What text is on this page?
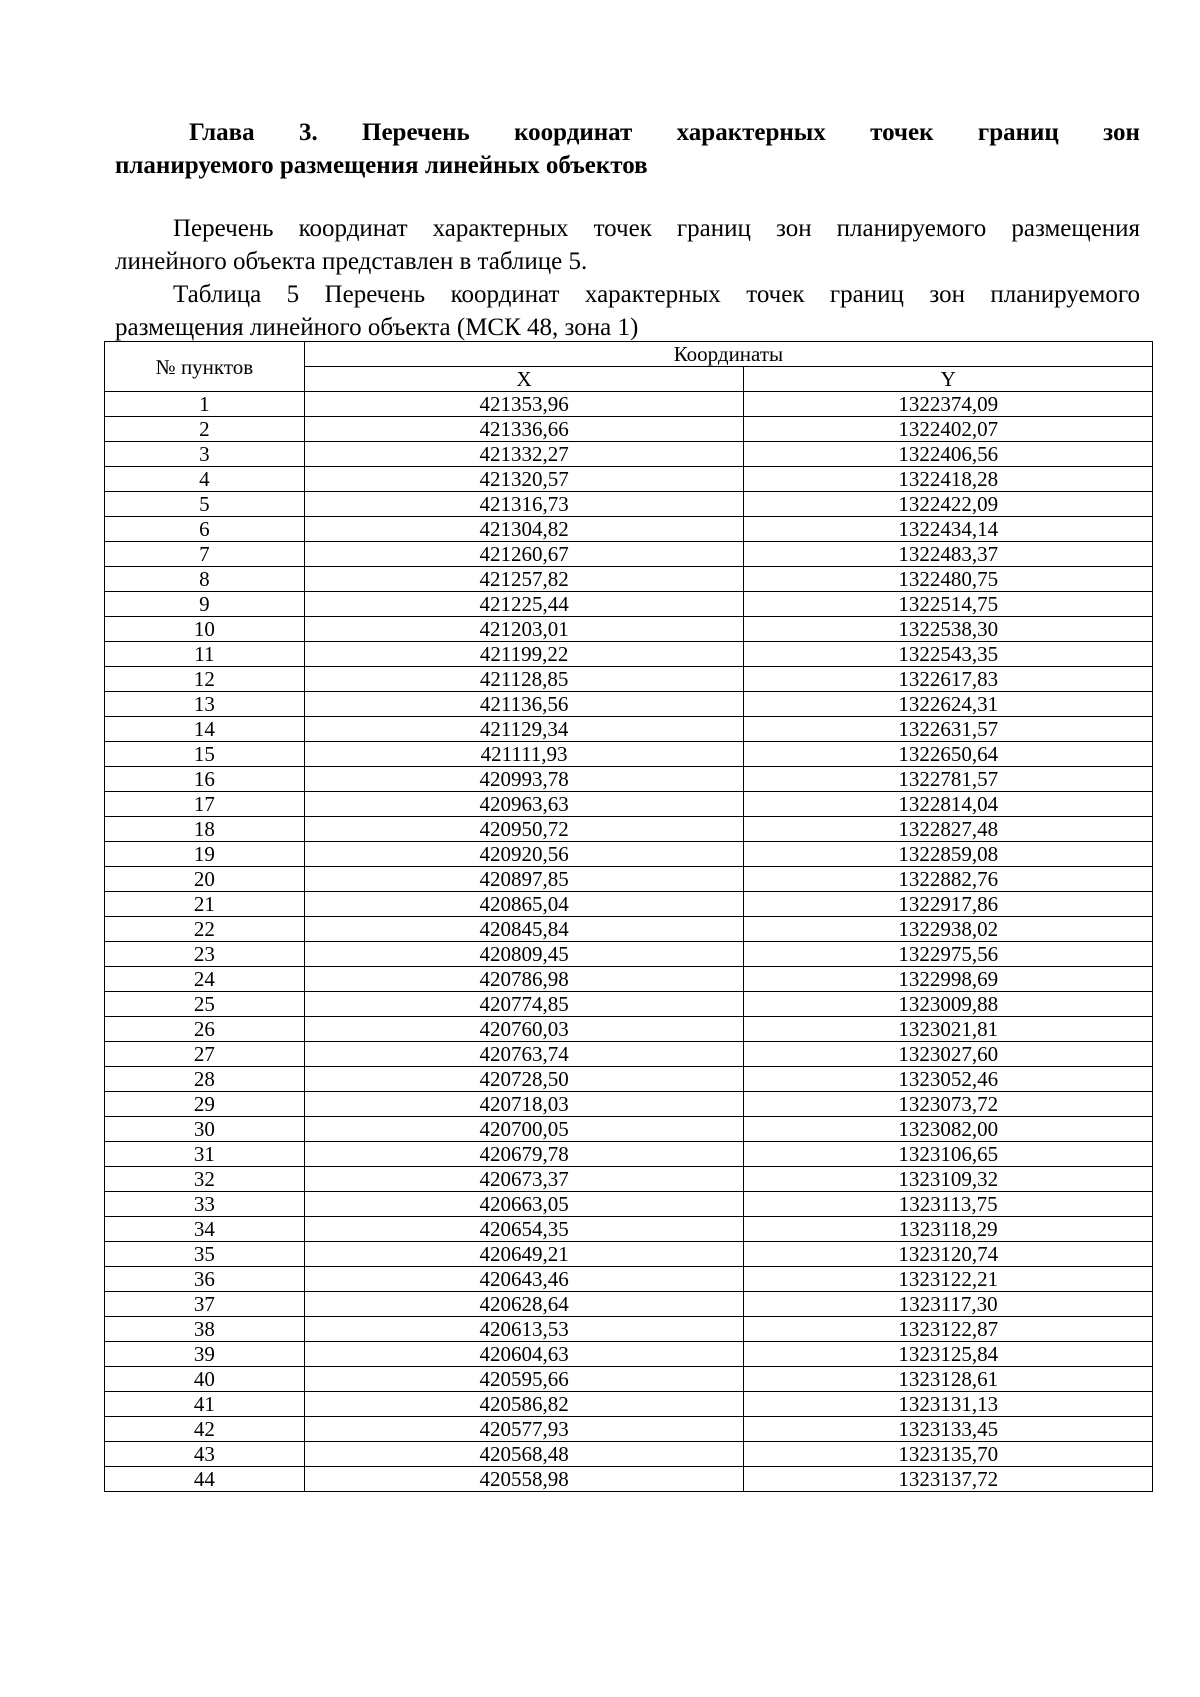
Глава 3. Перечень координат характерных точек границ зон
планируемого размещения линейных объектов
Перечень координат характерных точек границ зон планируемого размещения
линейного объекта представлен в таблице 5.
Таблица 5 Перечень координат характерных точек границ зон планируемого
размещения линейного объекта (МСК 48, зона 1)
№ пунктов	Координаты	
	X	Y
1	421353,96	1322374,09
2	421336,66	1322402,07
3	421332,27	1322406,56
4	421320,57	1322418,28
5	421316,73	1322422,09
6	421304,82	1322434,14
7	421260,67	1322483,37
8	421257,82	1322480,75
9	421225,44	1322514,75
10	421203,01	1322538,30
11	421199,22	1322543,35
12	421128,85	1322617,83
13	421136,56	1322624,31
14	421129,34	1322631,57
15	421111,93	1322650,64
16	420993,78	1322781,57
17	420963,63	1322814,04
18	420950,72	1322827,48
19	420920,56	1322859,08
20	420897,85	1322882,76
21	420865,04	1322917,86
22	420845,84	1322938,02
23	420809,45	1322975,56
24	420786,98	1322998,69
25	420774,85	1323009,88
26	420760,03	1323021,81
27	420763,74	1323027,60
28	420728,50	1323052,46
29	420718,03	1323073,72
30	420700,05	1323082,00
31	420679,78	1323106,65
32	420673,37	1323109,32
33	420663,05	1323113,75
34	420654,35	1323118,29
35	420649,21	1323120,74
36	420643,46	1323122,21
37	420628,64	1323117,30
38	420613,53	1323122,87
39	420604,63	1323125,84
40	420595,66	1323128,61
41	420586,82	1323131,13
42	420577,93	1323133,45
43	420568,48	1323135,70
44	420558,98	1323137,72
